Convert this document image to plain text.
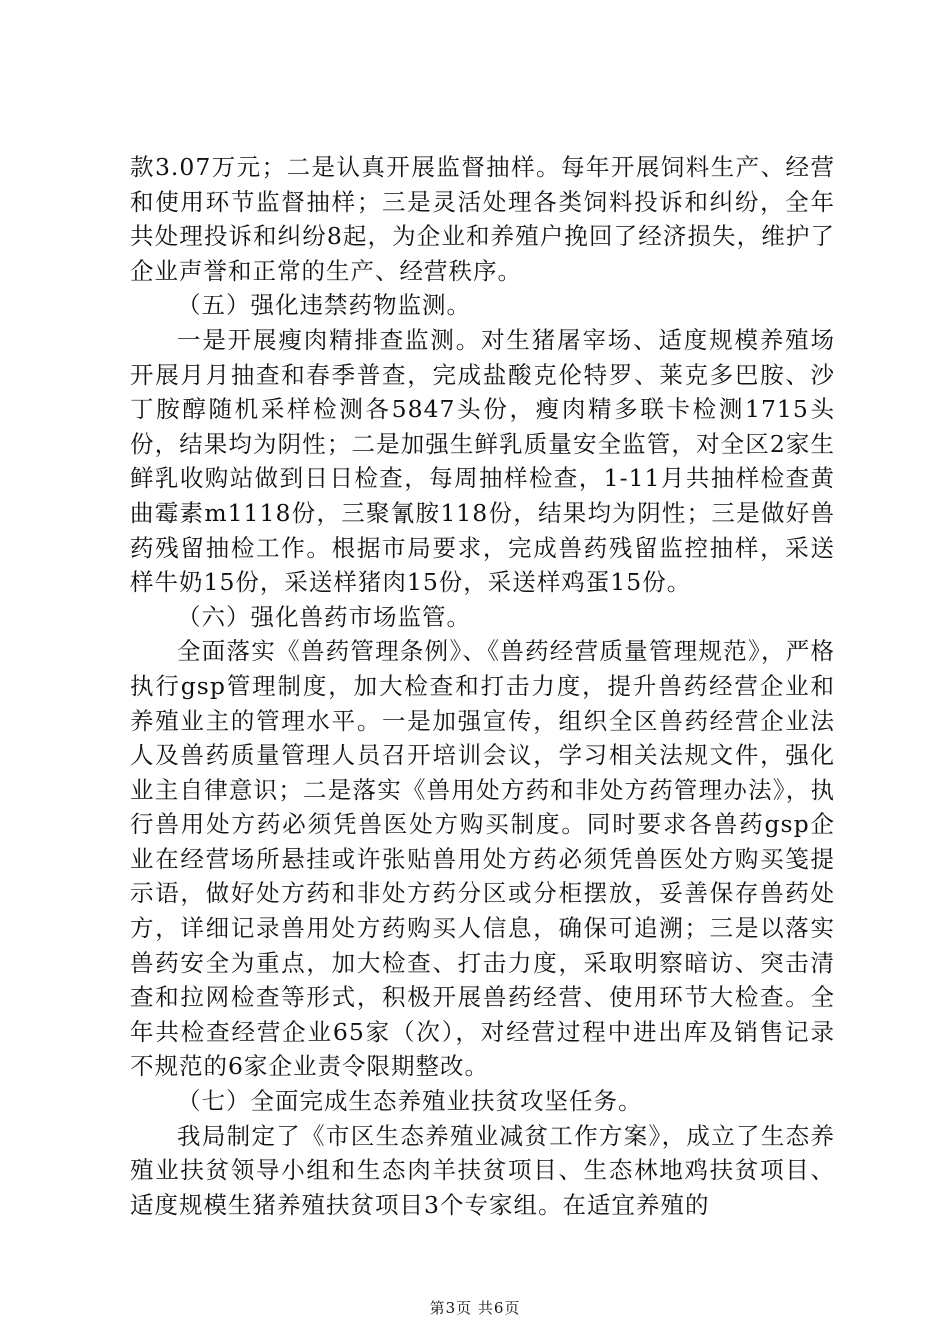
款3.07万元；二是认真开展监督抽样。每年开展饲料生产、经营和使用环节监督抽样；三是灵活处理各类饲料投诉和纠纷，全年共处理投诉和纠纷8起，为企业和养殖户挽回了经济损失，维护了企业声誉和正常的生产、经营秩序。

（五）强化违禁药物监测。

一是开展瘦肉精排查监测。对生猪屠宰场、适度规模养殖场开展月月抽查和春季普查，完成盐酸克伦特罗、莱克多巴胺、沙丁胺醇随机采样检测各5847头份，瘦肉精多联卡检测1715头份，结果均为阴性；二是加强生鲜乳质量安全监管，对全区2家生鲜乳收购站做到日日检查，每周抽样检查，1-11月共抽样检查黄曲霉素m1118份，三聚氰胺118份，结果均为阴性；三是做好兽药残留抽检工作。根据市局要求，完成兽药残留监控抽样，采送样牛奶15份，采送样猪肉15份，采送样鸡蛋15份。

（六）强化兽药市场监管。

全面落实《兽药管理条例》、《兽药经营质量管理规范》，严格执行gsp管理制度，加大检查和打击力度，提升兽药经营企业和养殖业主的管理水平。一是加强宣传，组织全区兽药经营企业法人及兽药质量管理人员召开培训会议，学习相关法规文件，强化业主自律意识；二是落实《兽用处方药和非处方药管理办法》，执行兽用处方药必须凭兽医处方购买制度。同时要求各兽药gsp企业在经营场所悬挂或许张贴兽用处方药必须凭兽医处方购买笺提示语，做好处方药和非处方药分区或分柜摆放，妥善保存兽药处方，详细记录兽用处方药购买人信息，确保可追溯；三是以落实兽药安全为重点，加大检查、打击力度，采取明察暗访、突击清查和拉网检查等形式，积极开展兽药经营、使用环节大检查。全年共检查经营企业65家（次），对经营过程中进出库及销售记录不规范的6家企业责令限期整改。

（七）全面完成生态养殖业扶贫攻坚任务。

我局制定了《市区生态养殖业减贫工作方案》，成立了生态养殖业扶贫领导小组和生态肉羊扶贫项目、生态林地鸡扶贫项目、适度规模生猪养殖扶贫项目3个专家组。在适宜养殖的

第3页 共6页
